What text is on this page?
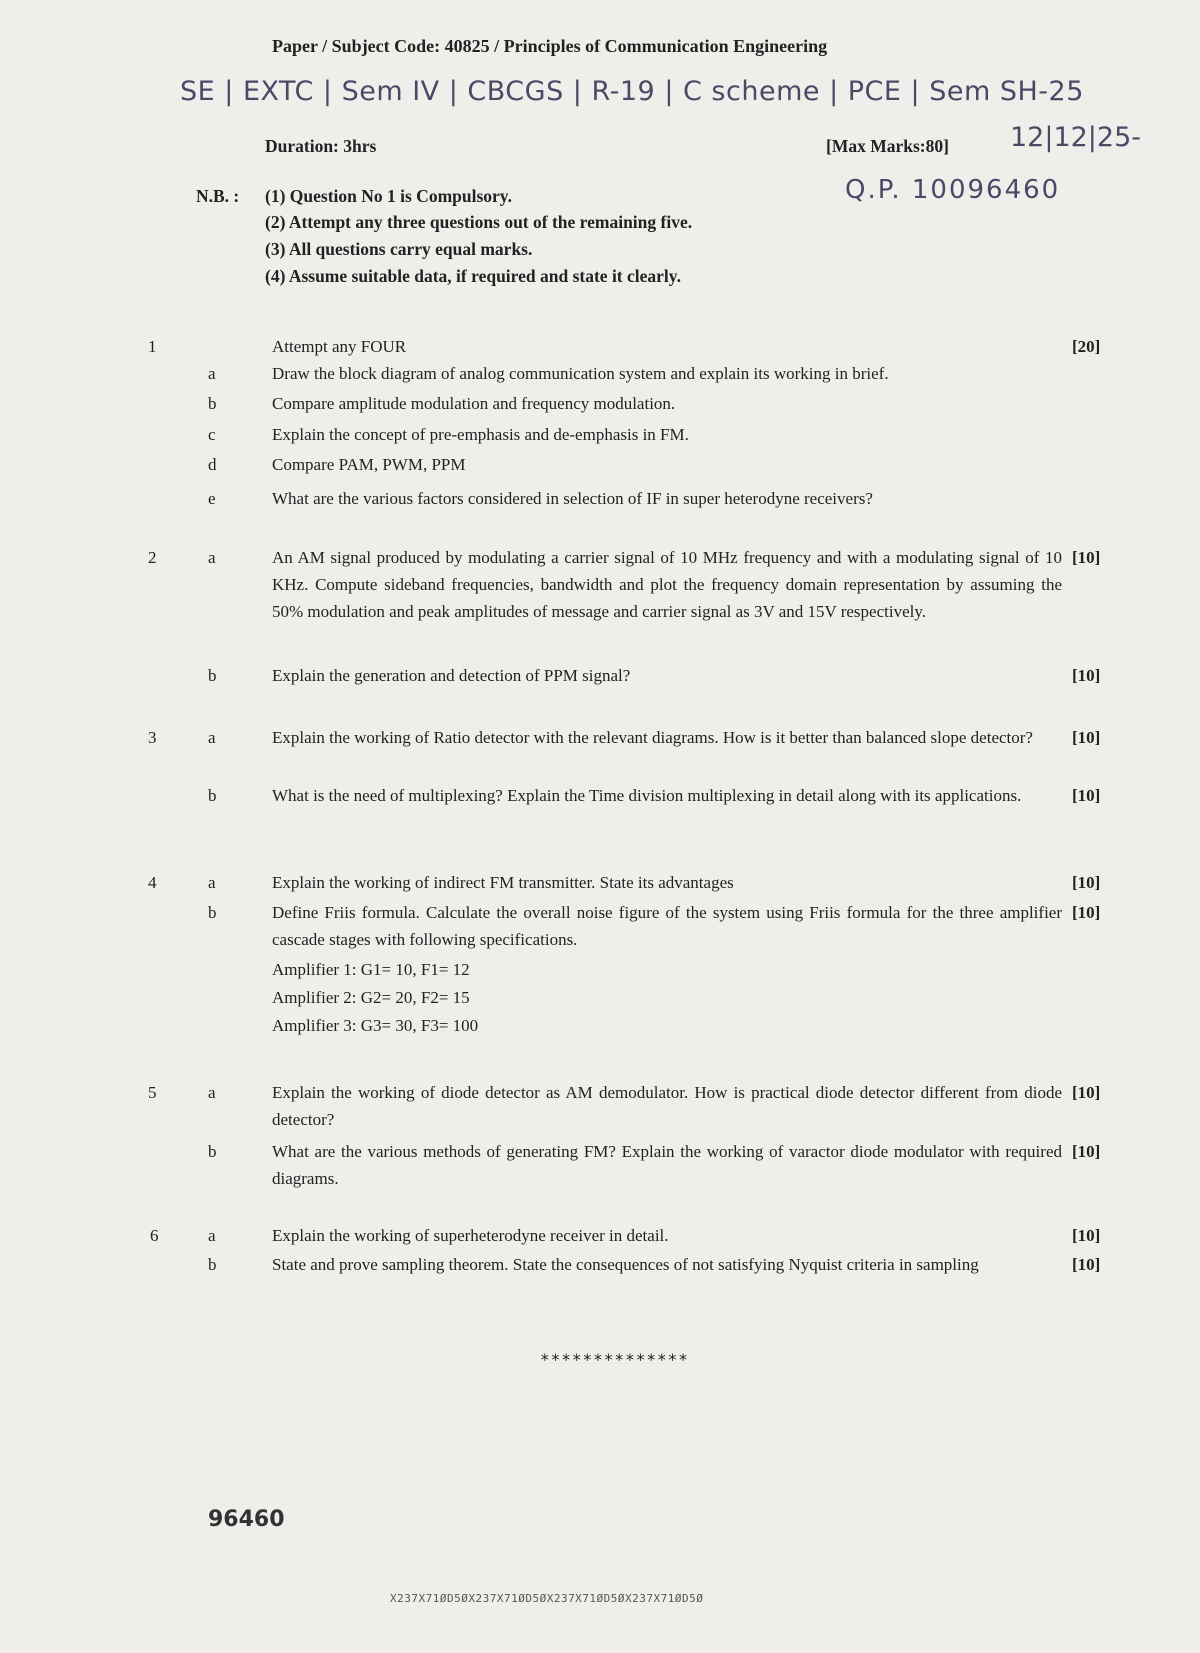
Paper / Subject Code: 40825 / Principles of Communication Engineering
SE | EXTC | Sem IV | CBCGS | R-19 | C scheme | PCE | Sem SH-25
Duration: 3hrs	[Max Marks:80] 12|12|25-
Q.P. 10096460
N.B. : (1) Question No 1 is Compulsory.
(2) Attempt any three questions out of the remaining five.
(3) All questions carry equal marks.
(4) Assume suitable data, if required and state it clearly.
1	Attempt any FOUR	[20]
a	Draw the block diagram of analog communication system and explain its working in brief.
b	Compare amplitude modulation and frequency modulation.
c	Explain the concept of pre-emphasis and de-emphasis in FM.
d	Compare PAM, PWM, PPM
e	What are the various factors considered in selection of IF in super heterodyne receivers?
2	a	An AM signal produced by modulating a carrier signal of 10 MHz frequency and with a modulating signal of 10 KHz. Compute sideband frequencies, bandwidth and plot the frequency domain representation by assuming the 50% modulation and peak amplitudes of message and carrier signal as 3V and 15V respectively.
[10]
b	Explain the generation and detection of PPM signal?	[10]
3	a	Explain the working of Ratio detector with the relevant diagrams. How is it better than balanced slope detector?	[10]
b	What is the need of multiplexing? Explain the Time division multiplexing in detail along with its applications.	[10]
4	a	Explain the working of indirect FM transmitter. State its advantages	[10]
b	Define Friis formula. Calculate the overall noise figure of the system using Friis formula for the three amplifier cascade stages with following specifications.
[10]
Amplifier 1: G1= 10, F1= 12
Amplifier 2: G2= 20, F2= 15
Amplifier 3: G3= 30, F3= 100
5	a	Explain the working of diode detector as AM demodulator. How is practical diode detector different from diode detector?
[10]
b	What are the various methods of generating FM? Explain the working of varactor diode modulator with required diagrams.
[10]
6	a	Explain the working of superheterodyne receiver in detail.	[10]
b	State and prove sampling theorem. State the consequences of not satisfying Nyquist criteria in sampling	[10]
**************
96460
X237X71ØD5ØX237X71ØD5ØX237X71ØD5ØX237X71ØD5Ø
